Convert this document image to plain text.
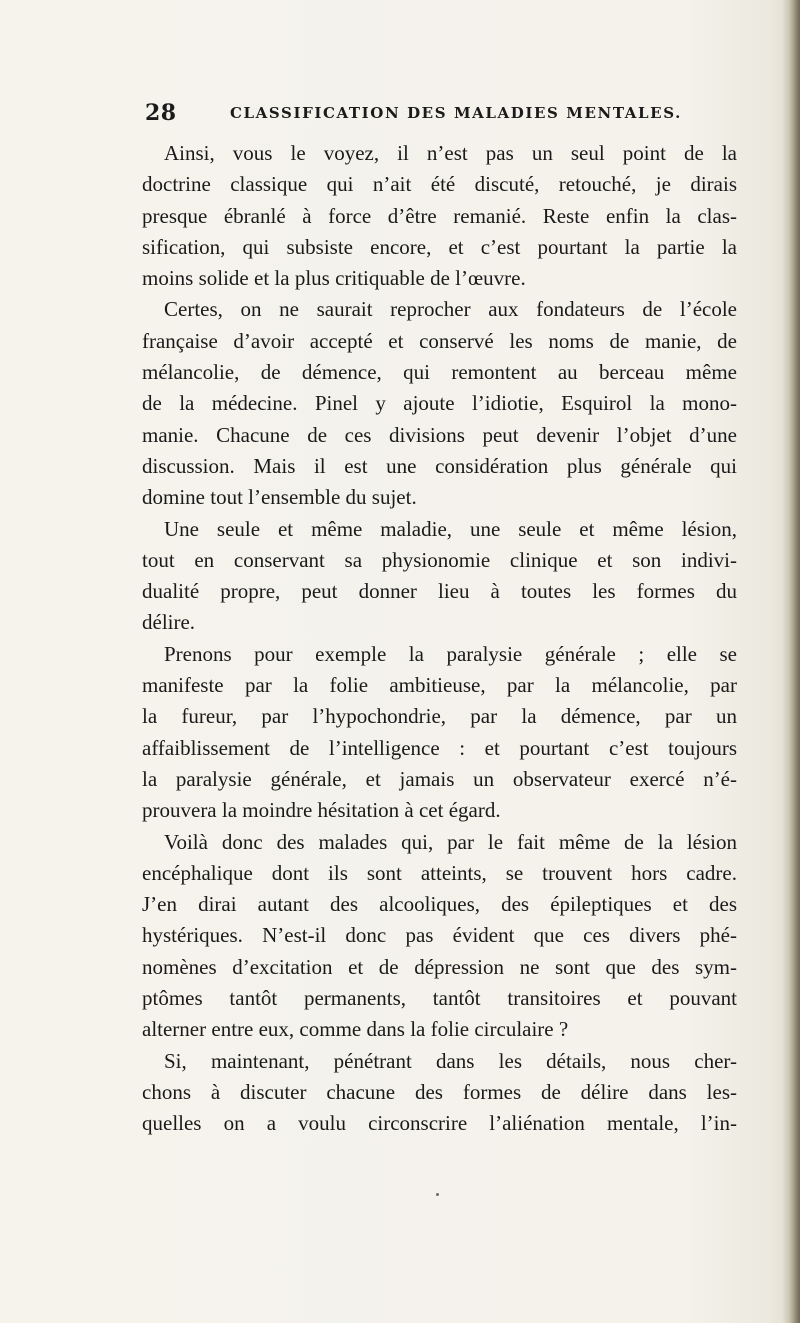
28	CLASSIFICATION DES MALADIES MENTALES.
Ainsi, vous le voyez, il n’est pas un seul point de la
doctrine classique qui n’ait été discuté, retouché, je dirais
presque ébranlé à force d’être remanié. Reste enfin la clas-
sification, qui subsiste encore, et c’est pourtant la partie la
moins solide et la plus critiquable de l’œuvre.
Certes, on ne saurait reprocher aux fondateurs de l’école
française d’avoir accepté et conservé les noms de manie, de
mélancolie, de démence, qui remontent au berceau même
de la médecine. Pinel y ajoute l’idiotie, Esquirol la mono-
manie. Chacune de ces divisions peut devenir l’objet d’une
discussion. Mais il est une considération plus générale qui
domine tout l’ensemble du sujet.
Une seule et même maladie, une seule et même lésion,
tout en conservant sa physionomie clinique et son indivi-
dualité propre, peut donner lieu à toutes les formes du
délire.
Prenons pour exemple la paralysie générale ; elle se
manifeste par la folie ambitieuse, par la mélancolie, par
la fureur, par l’hypochondrie, par la démence, par un
affaiblissement de l’intelligence : et pourtant c’est toujours
la paralysie générale, et jamais un observateur exercé n’é-
prouvera la moindre hésitation à cet égard.
Voilà donc des malades qui, par le fait même de la lésion
encéphalique dont ils sont atteints, se trouvent hors cadre.
J’en dirai autant des alcooliques, des épileptiques et des
hystériques. N’est-il donc pas évident que ces divers phé-
nomènes d’excitation et de dépression ne sont que des sym-
ptômes tantôt permanents, tantôt transitoires et pouvant
alterner entre eux, comme dans la folie circulaire ?
Si, maintenant, pénétrant dans les détails, nous cher-
chons à discuter chacune des formes de délire dans les-
quelles on a voulu circonscrire l’aliénation mentale, l’in-
